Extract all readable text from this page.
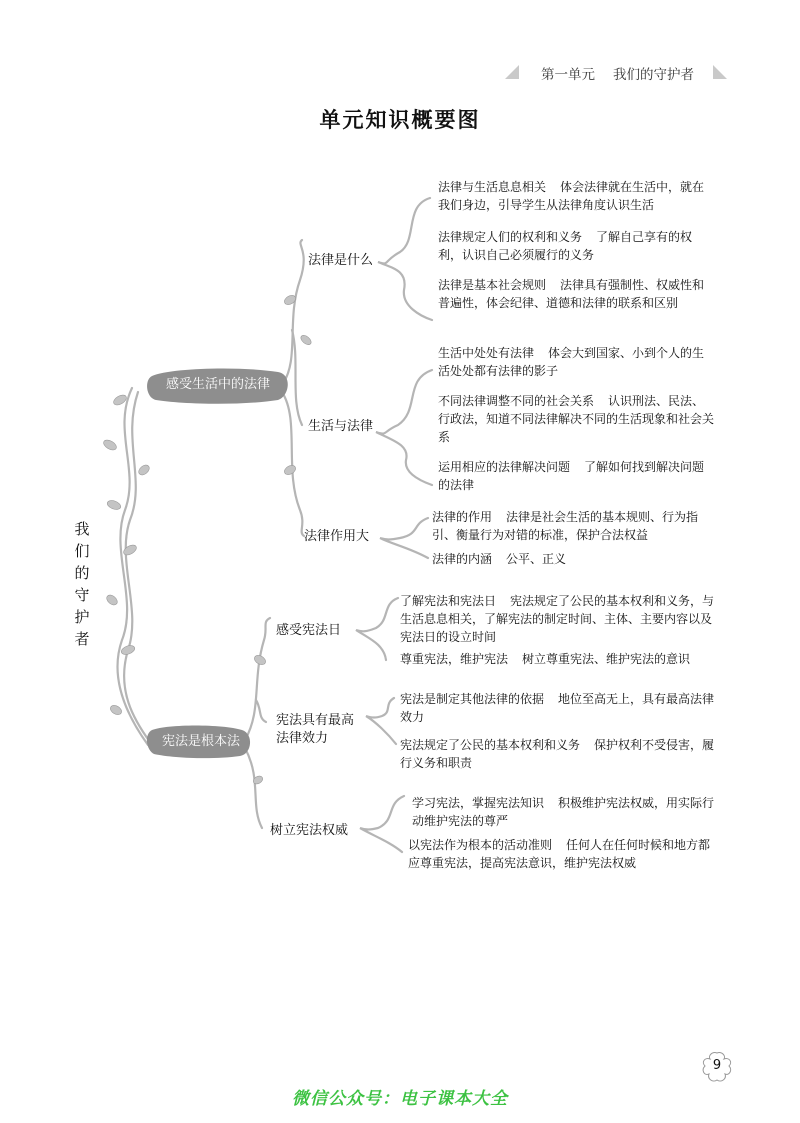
第一单元 我们的守护者
单元知识概要图
我们的守护者
感受生活中的法律
法律是什么
生活与法律
法律作用大
法律与生活息息相关 体会法律就在生活中，就在我们身边，引导学生从法律角度认识生活
法律规定人们的权利和义务 了解自己享有的权利，认识自己必须履行的义务
法律是基本社会规则 法律具有强制性、权威性和普遍性，体会纪律、道德和法律的联系和区别
生活中处处有法律 体会大到国家、小到个人的生活处处都有法律的影子
不同法律调整不同的社会关系 认识刑法、民法、行政法，知道不同法律解决不同的生活现象和社会关系
运用相应的法律解决问题 了解如何找到解决问题的法律
法律的作用 法律是社会生活的基本规则、行为指引、衡量行为对错的标准，保护合法权益
法律的内涵 公平、正义
宪法是根本法
感受宪法日
宪法具有最高法律效力
树立宪法权威
了解宪法和宪法日 宪法规定了公民的基本权利和义务，与生活息息相关，了解宪法的制定时间、主体、主要内容以及宪法日的设立时间
尊重宪法，维护宪法 树立尊重宪法、维护宪法的意识
宪法是制定其他法律的依据 地位至高无上，具有最高法律效力
宪法规定了公民的基本权利和义务 保护权利不受侵害，履行义务和职责
学习宪法，掌握宪法知识 积极维护宪法权威，用实际行动维护宪法的尊严
以宪法作为根本的活动准则 任何人在任何时候和地方都应尊重宪法，提高宪法意识，维护宪法权威
9
微信公众号：电子课本大全
